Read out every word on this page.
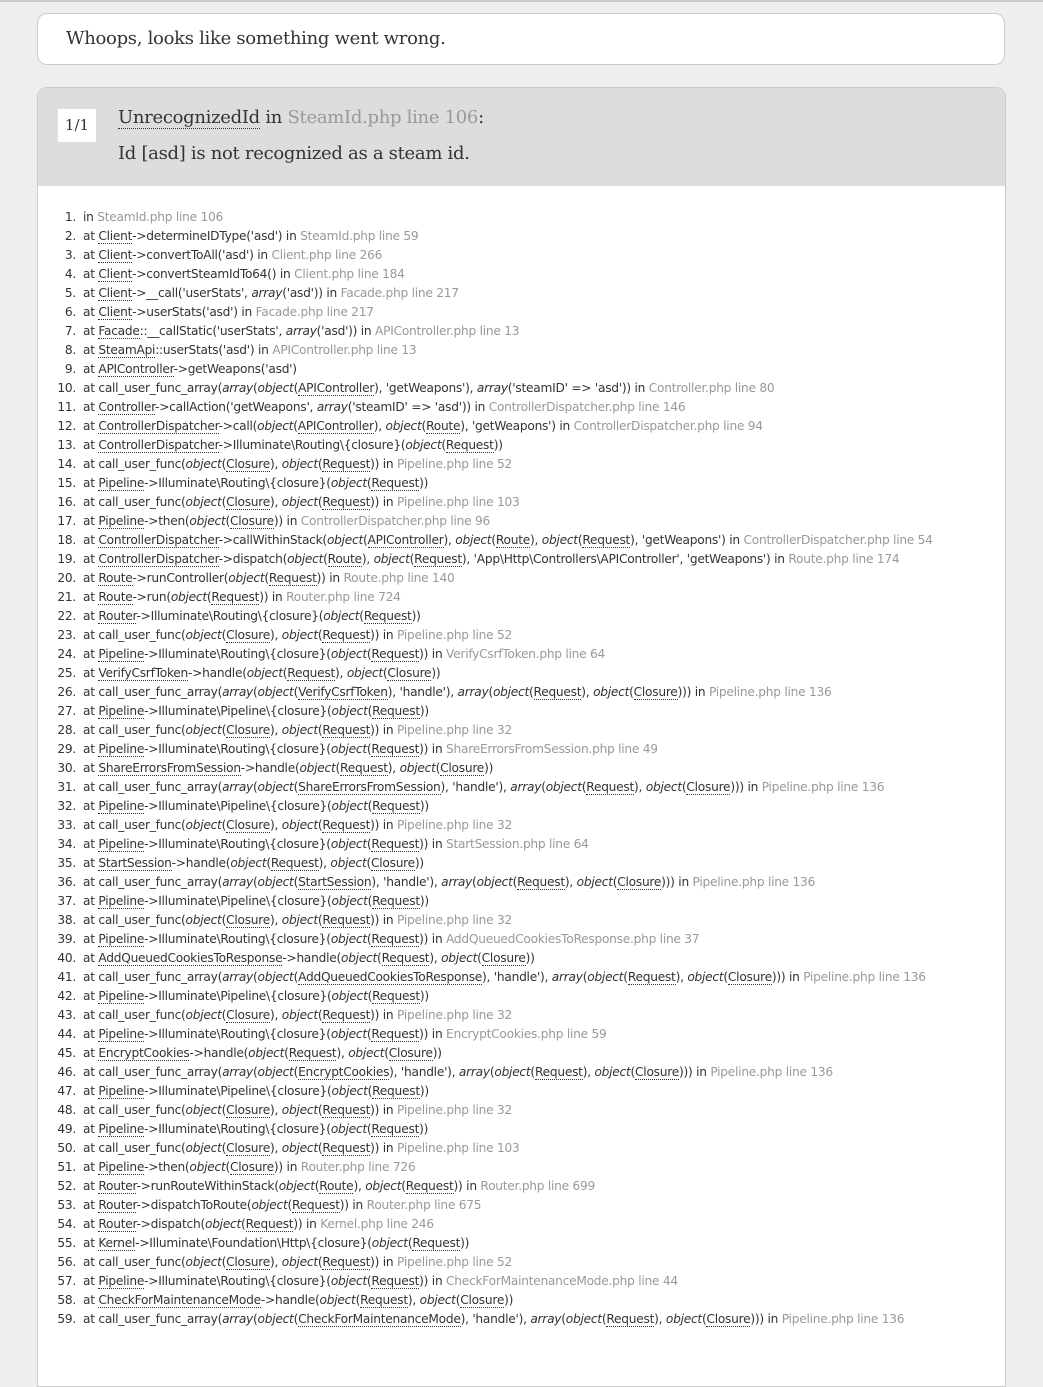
Whoops, looks like something went wrong.
1/1	UnrecognizedId in SteamId.php line 106:
Id [asd] is not recognized as a steam id.
1. in SteamId.php line 106
2. at Client->determineIDType('asd') in SteamId.php line 59
3. at Client->convertToAll('asd') in Client.php line 266
4. at Client->convertSteamIdTo64() in Client.php line 184
5. at Client->__call('userStats', array('asd')) in Facade.php line 217
6. at Client->userStats('asd') in Facade.php line 217
7. at Facade::__callStatic('userStats', array('asd')) in APIController.php line 13
8. at SteamApi::userStats('asd') in APIController.php line 13
9. at APIController->getWeapons('asd')
10. at call_user_func_array(array(object(APIController), 'getWeapons'), array('steamID' => 'asd')) in Controller.php line 80
11. at Controller->callAction('getWeapons', array('steamID' => 'asd')) in ControllerDispatcher.php line 146
12. at ControllerDispatcher->call(object(APIController), object(Route), 'getWeapons') in ControllerDispatcher.php line 94
13. at ControllerDispatcher->Illuminate\Routing\{closure}(object(Request))
14. at call_user_func(object(Closure), object(Request)) in Pipeline.php line 52
15. at Pipeline->Illuminate\Routing\{closure}(object(Request))
16. at call_user_func(object(Closure), object(Request)) in Pipeline.php line 103
17. at Pipeline->then(object(Closure)) in ControllerDispatcher.php line 96
18. at ControllerDispatcher->callWithinStack(object(APIController), object(Route), object(Request), 'getWeapons') in ControllerDispatcher.php line 54
19. at ControllerDispatcher->dispatch(object(Route), object(Request), 'App\Http\Controllers\APIController', 'getWeapons') in Route.php line 174
20. at Route->runController(object(Request)) in Route.php line 140
21. at Route->run(object(Request)) in Router.php line 724
22. at Router->Illuminate\Routing\{closure}(object(Request))
23. at call_user_func(object(Closure), object(Request)) in Pipeline.php line 52
24. at Pipeline->Illuminate\Routing\{closure}(object(Request)) in VerifyCsrfToken.php line 64
25. at VerifyCsrfToken->handle(object(Request), object(Closure))
26. at call_user_func_array(array(object(VerifyCsrfToken), 'handle'), array(object(Request), object(Closure))) in Pipeline.php line 136
27. at Pipeline->Illuminate\Pipeline\{closure}(object(Request))
28. at call_user_func(object(Closure), object(Request)) in Pipeline.php line 32
29. at Pipeline->Illuminate\Routing\{closure}(object(Request)) in ShareErrorsFromSession.php line 49
30. at ShareErrorsFromSession->handle(object(Request), object(Closure))
31. at call_user_func_array(array(object(ShareErrorsFromSession), 'handle'), array(object(Request), object(Closure))) in Pipeline.php line 136
32. at Pipeline->Illuminate\Pipeline\{closure}(object(Request))
33. at call_user_func(object(Closure), object(Request)) in Pipeline.php line 32
34. at Pipeline->Illuminate\Routing\{closure}(object(Request)) in StartSession.php line 64
35. at StartSession->handle(object(Request), object(Closure))
36. at call_user_func_array(array(object(StartSession), 'handle'), array(object(Request), object(Closure))) in Pipeline.php line 136
37. at Pipeline->Illuminate\Pipeline\{closure}(object(Request))
38. at call_user_func(object(Closure), object(Request)) in Pipeline.php line 32
39. at Pipeline->Illuminate\Routing\{closure}(object(Request)) in AddQueuedCookiesToResponse.php line 37
40. at AddQueuedCookiesToResponse->handle(object(Request), object(Closure))
41. at call_user_func_array(array(object(AddQueuedCookiesToResponse), 'handle'), array(object(Request), object(Closure))) in Pipeline.php line 136
42. at Pipeline->Illuminate\Pipeline\{closure}(object(Request))
43. at call_user_func(object(Closure), object(Request)) in Pipeline.php line 32
44. at Pipeline->Illuminate\Routing\{closure}(object(Request)) in EncryptCookies.php line 59
45. at EncryptCookies->handle(object(Request), object(Closure))
46. at call_user_func_array(array(object(EncryptCookies), 'handle'), array(object(Request), object(Closure))) in Pipeline.php line 136
47. at Pipeline->Illuminate\Pipeline\{closure}(object(Request))
48. at call_user_func(object(Closure), object(Request)) in Pipeline.php line 32
49. at Pipeline->Illuminate\Routing\{closure}(object(Request))
50. at call_user_func(object(Closure), object(Request)) in Pipeline.php line 103
51. at Pipeline->then(object(Closure)) in Router.php line 726
52. at Router->runRouteWithinStack(object(Route), object(Request)) in Router.php line 699
53. at Router->dispatchToRoute(object(Request)) in Router.php line 675
54. at Router->dispatch(object(Request)) in Kernel.php line 246
55. at Kernel->Illuminate\Foundation\Http\{closure}(object(Request))
56. at call_user_func(object(Closure), object(Request)) in Pipeline.php line 52
57. at Pipeline->Illuminate\Routing\{closure}(object(Request)) in CheckForMaintenanceMode.php line 44
58. at CheckForMaintenanceMode->handle(object(Request), object(Closure))
59. at call_user_func_array(array(object(CheckForMaintenanceMode), 'handle'), array(object(Request), object(Closure))) in Pipeline.php line 136
